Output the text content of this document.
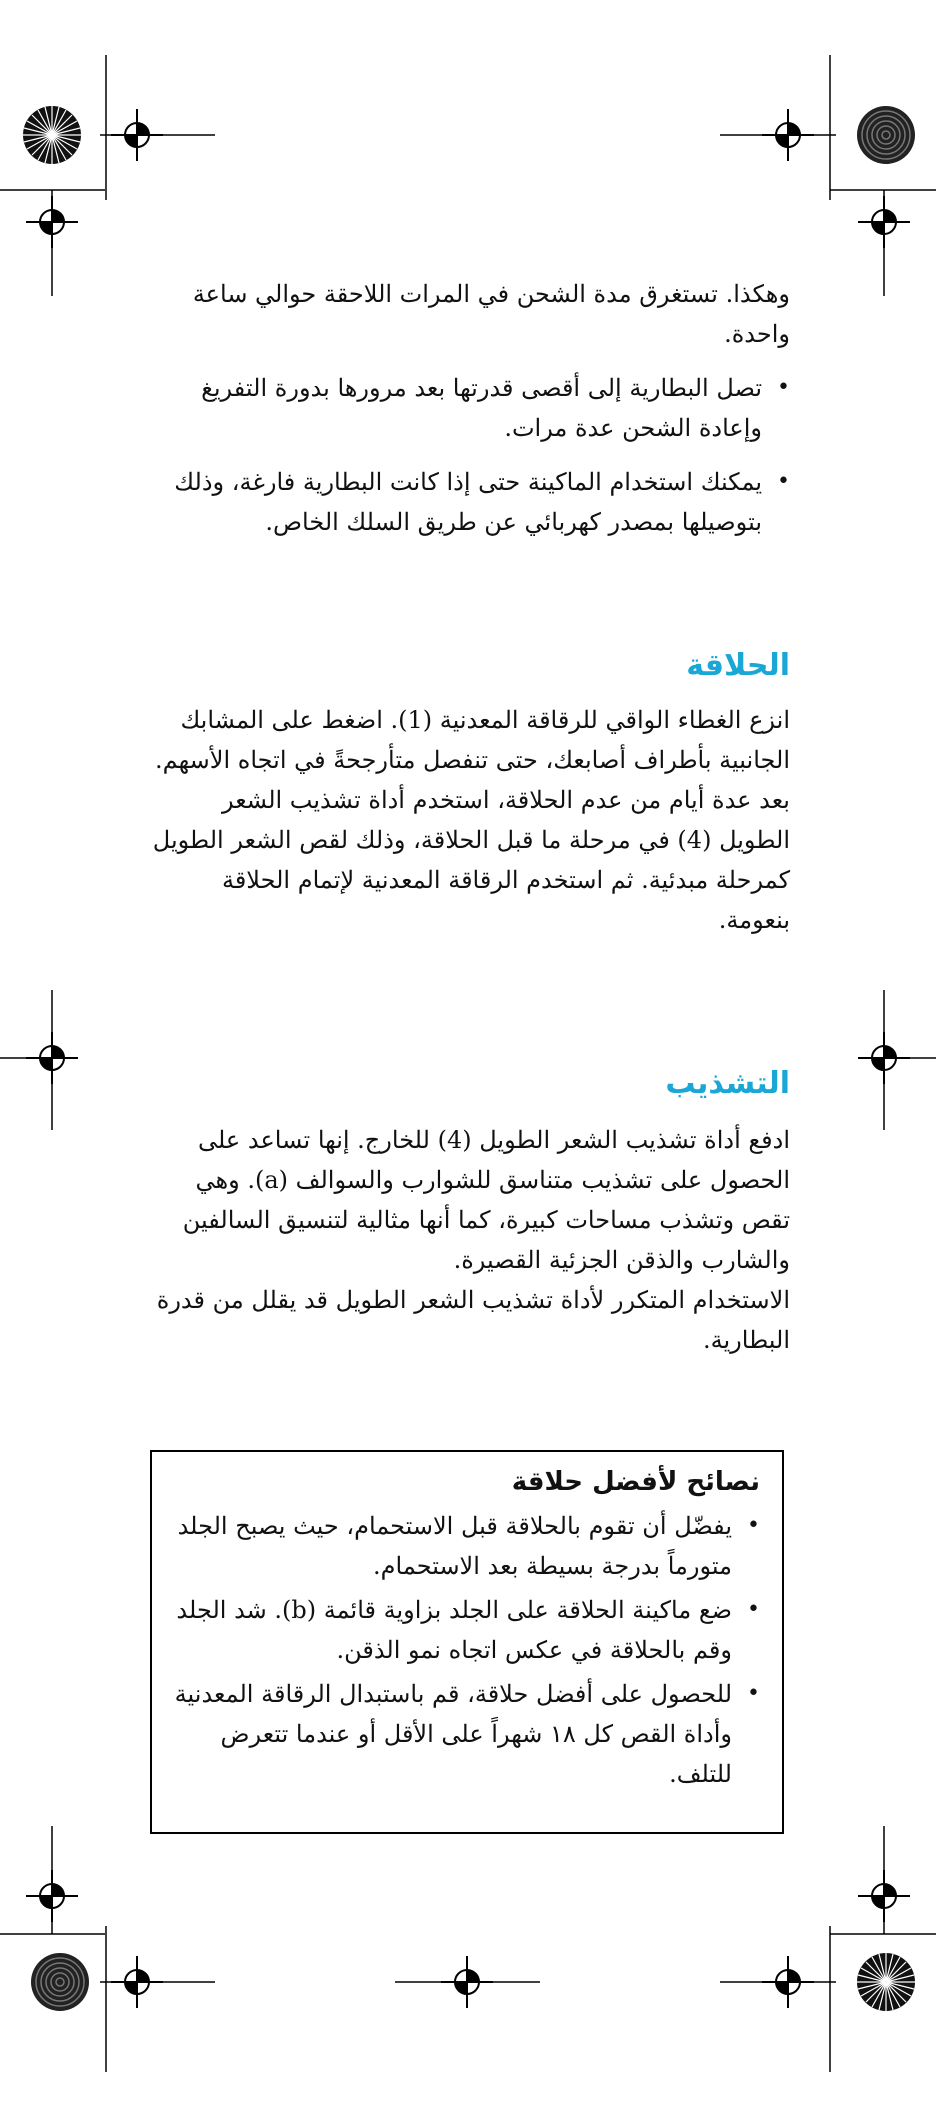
وهكذا. تستغرق مدة الشحن في المرات اللاحقة حوالي ساعة واحدة.

• تصل البطارية إلى أقصى قدرتها بعد مرورها بدورة التفريغ وإعادة الشحن عدة مرات.
• يمكنك استخدام الماكينة حتى إذا كانت البطارية فارغة، وذلك بتوصيلها بمصدر كهربائي عن طريق السلك الخاص.
الحلاقة

انزع الغطاء الواقي للرقاقة المعدنية (1). اضغط على المشابك الجانبية بأطراف أصابعك، حتى تنفصل متأرجحةً في اتجاه الأسهم.

بعد عدة أيام من عدم الحلاقة، استخدم أداة تشذيب الشعر الطويل (4) في مرحلة ما قبل الحلاقة، وذلك لقص الشعر الطويل كمرحلة مبدئية. ثم استخدم الرقاقة المعدنية لإتمام الحلاقة بنعومة.

التشذيب

ادفع أداة تشذيب الشعر الطويل (4) للخارج. إنها تساعد على الحصول على تشذيب متناسق للشوارب والسوالف (a). وهي تقص وتشذب مساحات كبيرة، كما أنها مثالية لتنسيق السالفين والشارب والذقن الجزئية القصيرة.

الاستخدام المتكرر لأداة تشذيب الشعر الطويل قد يقلل من قدرة البطارية.

نصائح لأفضل حلاقة
• يفضّل أن تقوم بالحلاقة قبل الاستحمام، حيث يصبح الجلد متورماً بدرجة بسيطة بعد الاستحمام.
• ضع ماكينة الحلاقة على الجلد بزاوية قائمة (b). شد الجلد وقم بالحلاقة في عكس اتجاه نمو الذقن.
• للحصول على أفضل حلاقة، قم باستبدال الرقاقة المعدنية وأداة القص كل ١٨ شهراً على الأقل أو عندما تتعرض للتلف.
